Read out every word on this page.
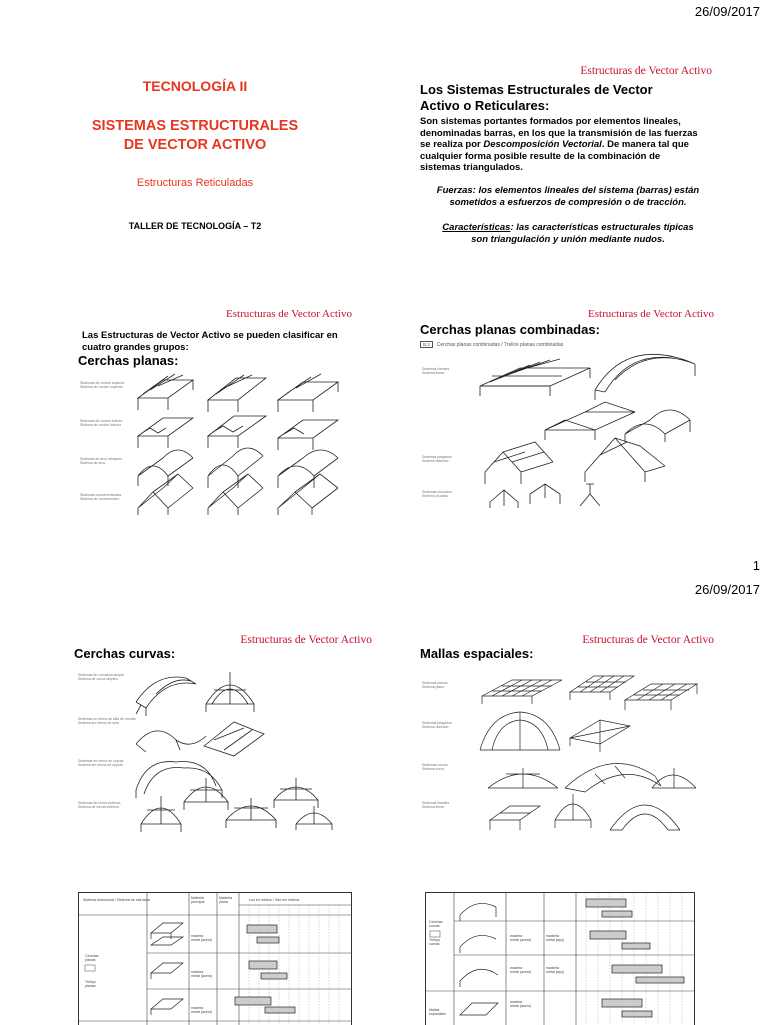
26/09/2017
1
26/09/2017
TECNOLOGÍA II
SISTEMAS ESTRUCTURALES
DE VECTOR ACTIVO
Estructuras Reticuladas
TALLER DE TECNOLOGÍA – T2
Estructuras de Vector Activo
Los Sistemas Estructurales de Vector
Activo o Reticulares:
Son sistemas portantes formados por elementos lineales,
denominadas barras, en los que la transmisión de las fuerzas
se realiza por Descomposición Vectorial. De manera tal que
cualquier forma posible resulte de la combinación de
sistemas triangulados.
Fuerzas: los elementos lineales del sistema (barras) están
sometidos a esfuerzos de compresión o de tracción.
Características: las características estructurales típicas
son triangulación y unión mediante nudos.
Estructuras de Vector Activo
Las Estructuras de Vector Activo se pueden clasificar en
cuatro grandes grupos:
Cerchas planas:
Sistemas de cordón superior
Sistema de cordón superior
Sistemas de cordón inferior
Sistema de cordón inferior
Sistemas de arco rebajado
Sistema de arco
Sistemas contraventeados
Sistema de contraventeo
Estructuras de Vector Activo
Cerchas planas combinadas:
B.2 Cerchas planas combinadas / Trelice planas combinadas
Sistemas lineales
Sistema linear
Sistemas plegados
Sistema dobrado
Sistemas cruzados
Sistema cruzado
Estructuras de Vector Activo
Cerchas curvas:
Sistemas de curvatura simple
Sistema de curva simples
Sistemas en forma de silla de montar
Sistema em forma de sela
Sistemas en forma de cúpula
Sistema em forma de cúpula
Sistemas de forma esférica
Sistema de forma esférica
Estructuras de Vector Activo
Mallas espaciales:
Sistemas planos
Sistema plano
Sistemas plegados
Sistema dobrado
Sistemas curvos
Sistema curvo
Sistemas lineales
Sistema linear
Sistema estructural / Sistema de estrutura	Material
principal
Madeira
plana	Luz en metros / Vão em metros
Cerchas
planas
Treliça
planas
madera
metal (acero)
madera
metal (acero)
madera
metal (acero)
Cerchas
curvas
Treliça
curvas
Mallas
espaciales
madera
metal (acero)
madera
metal (acero)
madera
metal (acero)
madeira
metal (aço)
madeira
metal (aço)
